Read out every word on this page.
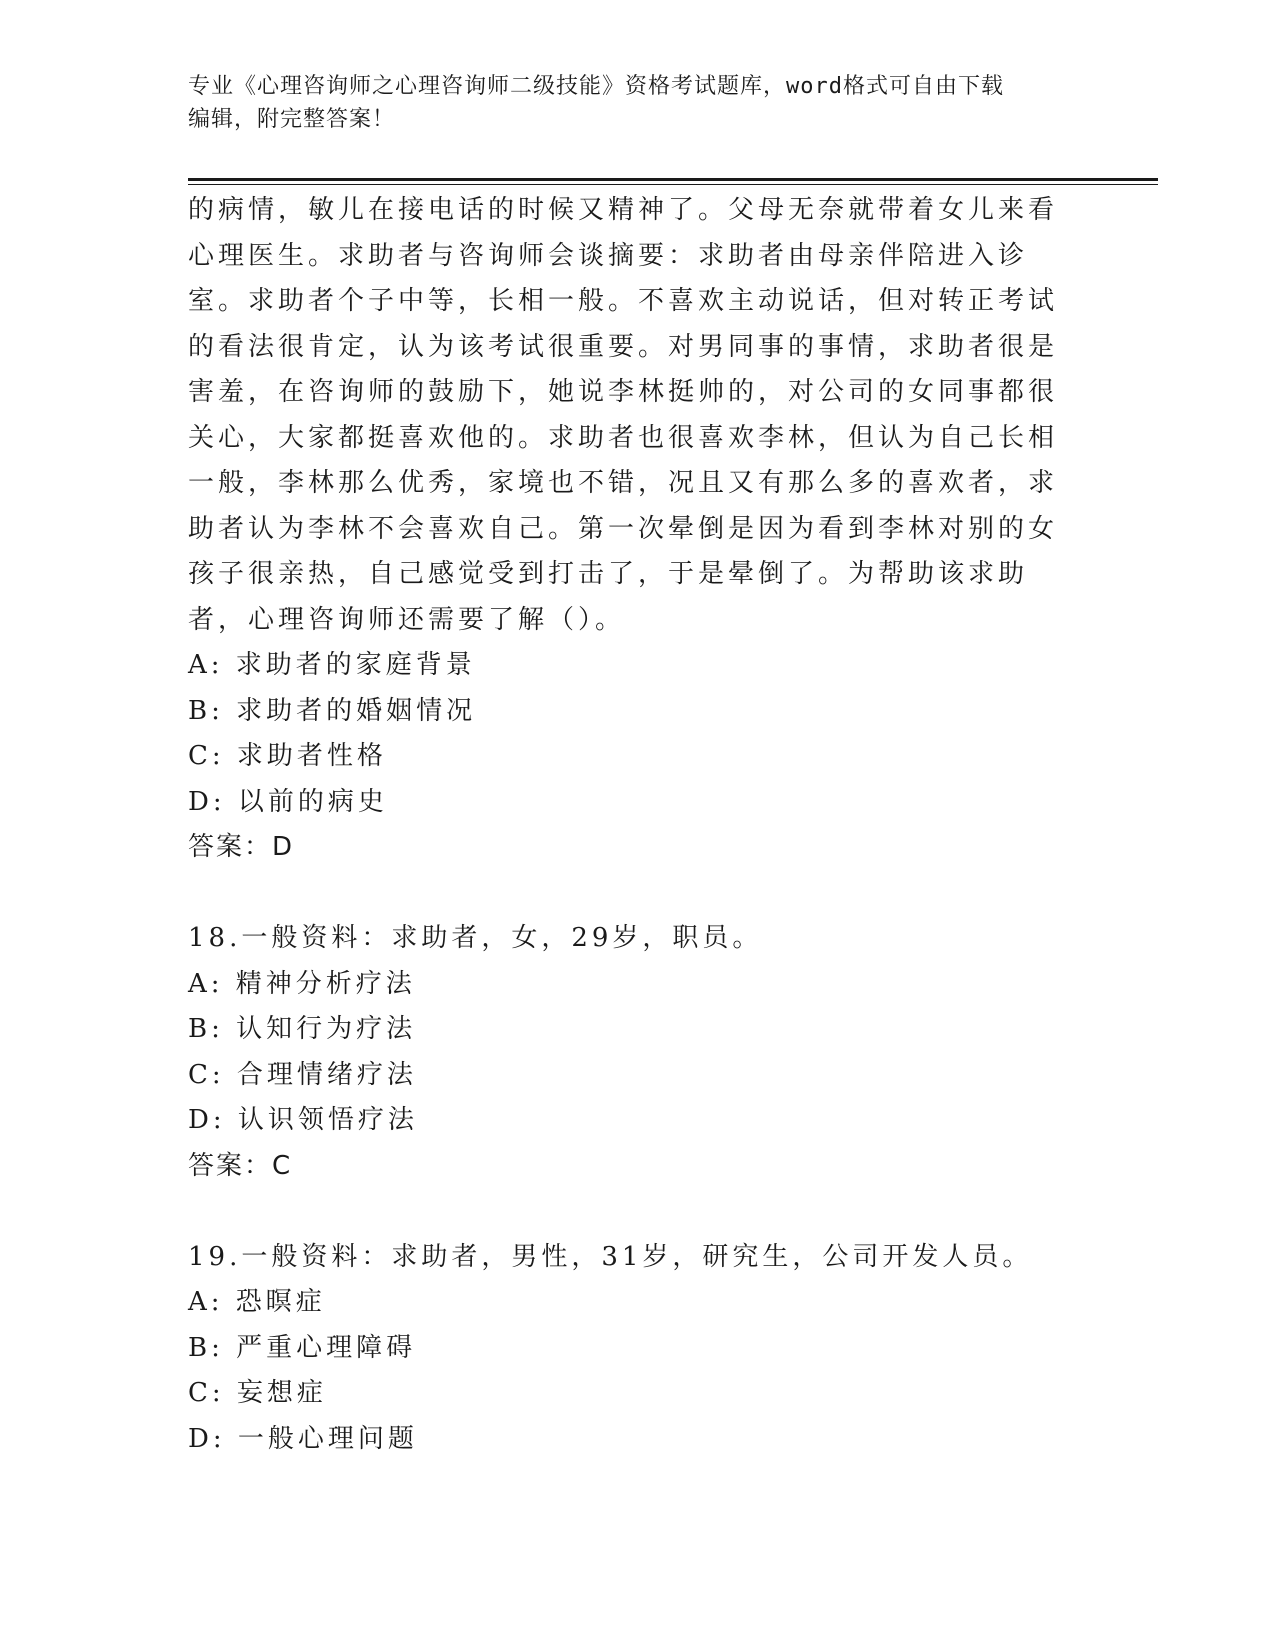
专业《心理咨询师之心理咨询师二级技能》资格考试题库，word格式可自由下载
编辑，附完整答案！

的病情，敏儿在接电话的时候又精神了。父母无奈就带着女儿来看心理医生。求助者与咨询师会谈摘要：求助者由母亲伴陪进入诊室。求助者个子中等，长相一般。不喜欢主动说话，但对转正考试的看法很肯定，认为该考试很重要。对男同事的事情，求助者很是害羞，在咨询师的鼓励下，她说李林挺帅的，对公司的女同事都很关心，大家都挺喜欢他的。求助者也很喜欢李林，但认为自己长相一般，李林那么优秀，家境也不错，况且又有那么多的喜欢者，求助者认为李林不会喜欢自己。第一次晕倒是因为看到李林对别的女孩子很亲热，自己感觉受到打击了，于是晕倒了。为帮助该求助者，心理咨询师还需要了解（）。

A: 求助者的家庭背景
B: 求助者的婚姻情况
C: 求助者性格
D: 以前的病史
答案：D
18.一般资料：求助者，女，29岁，职员。
A: 精神分析疗法
B: 认知行为疗法
C: 合理情绪疗法
D: 认识领悟疗法
答案：C
19.一般资料：求助者，男性，31岁，研究生，公司开发人员。
A: 恐暝症
B: 严重心理障碍
C: 妄想症
D: 一般心理问题
